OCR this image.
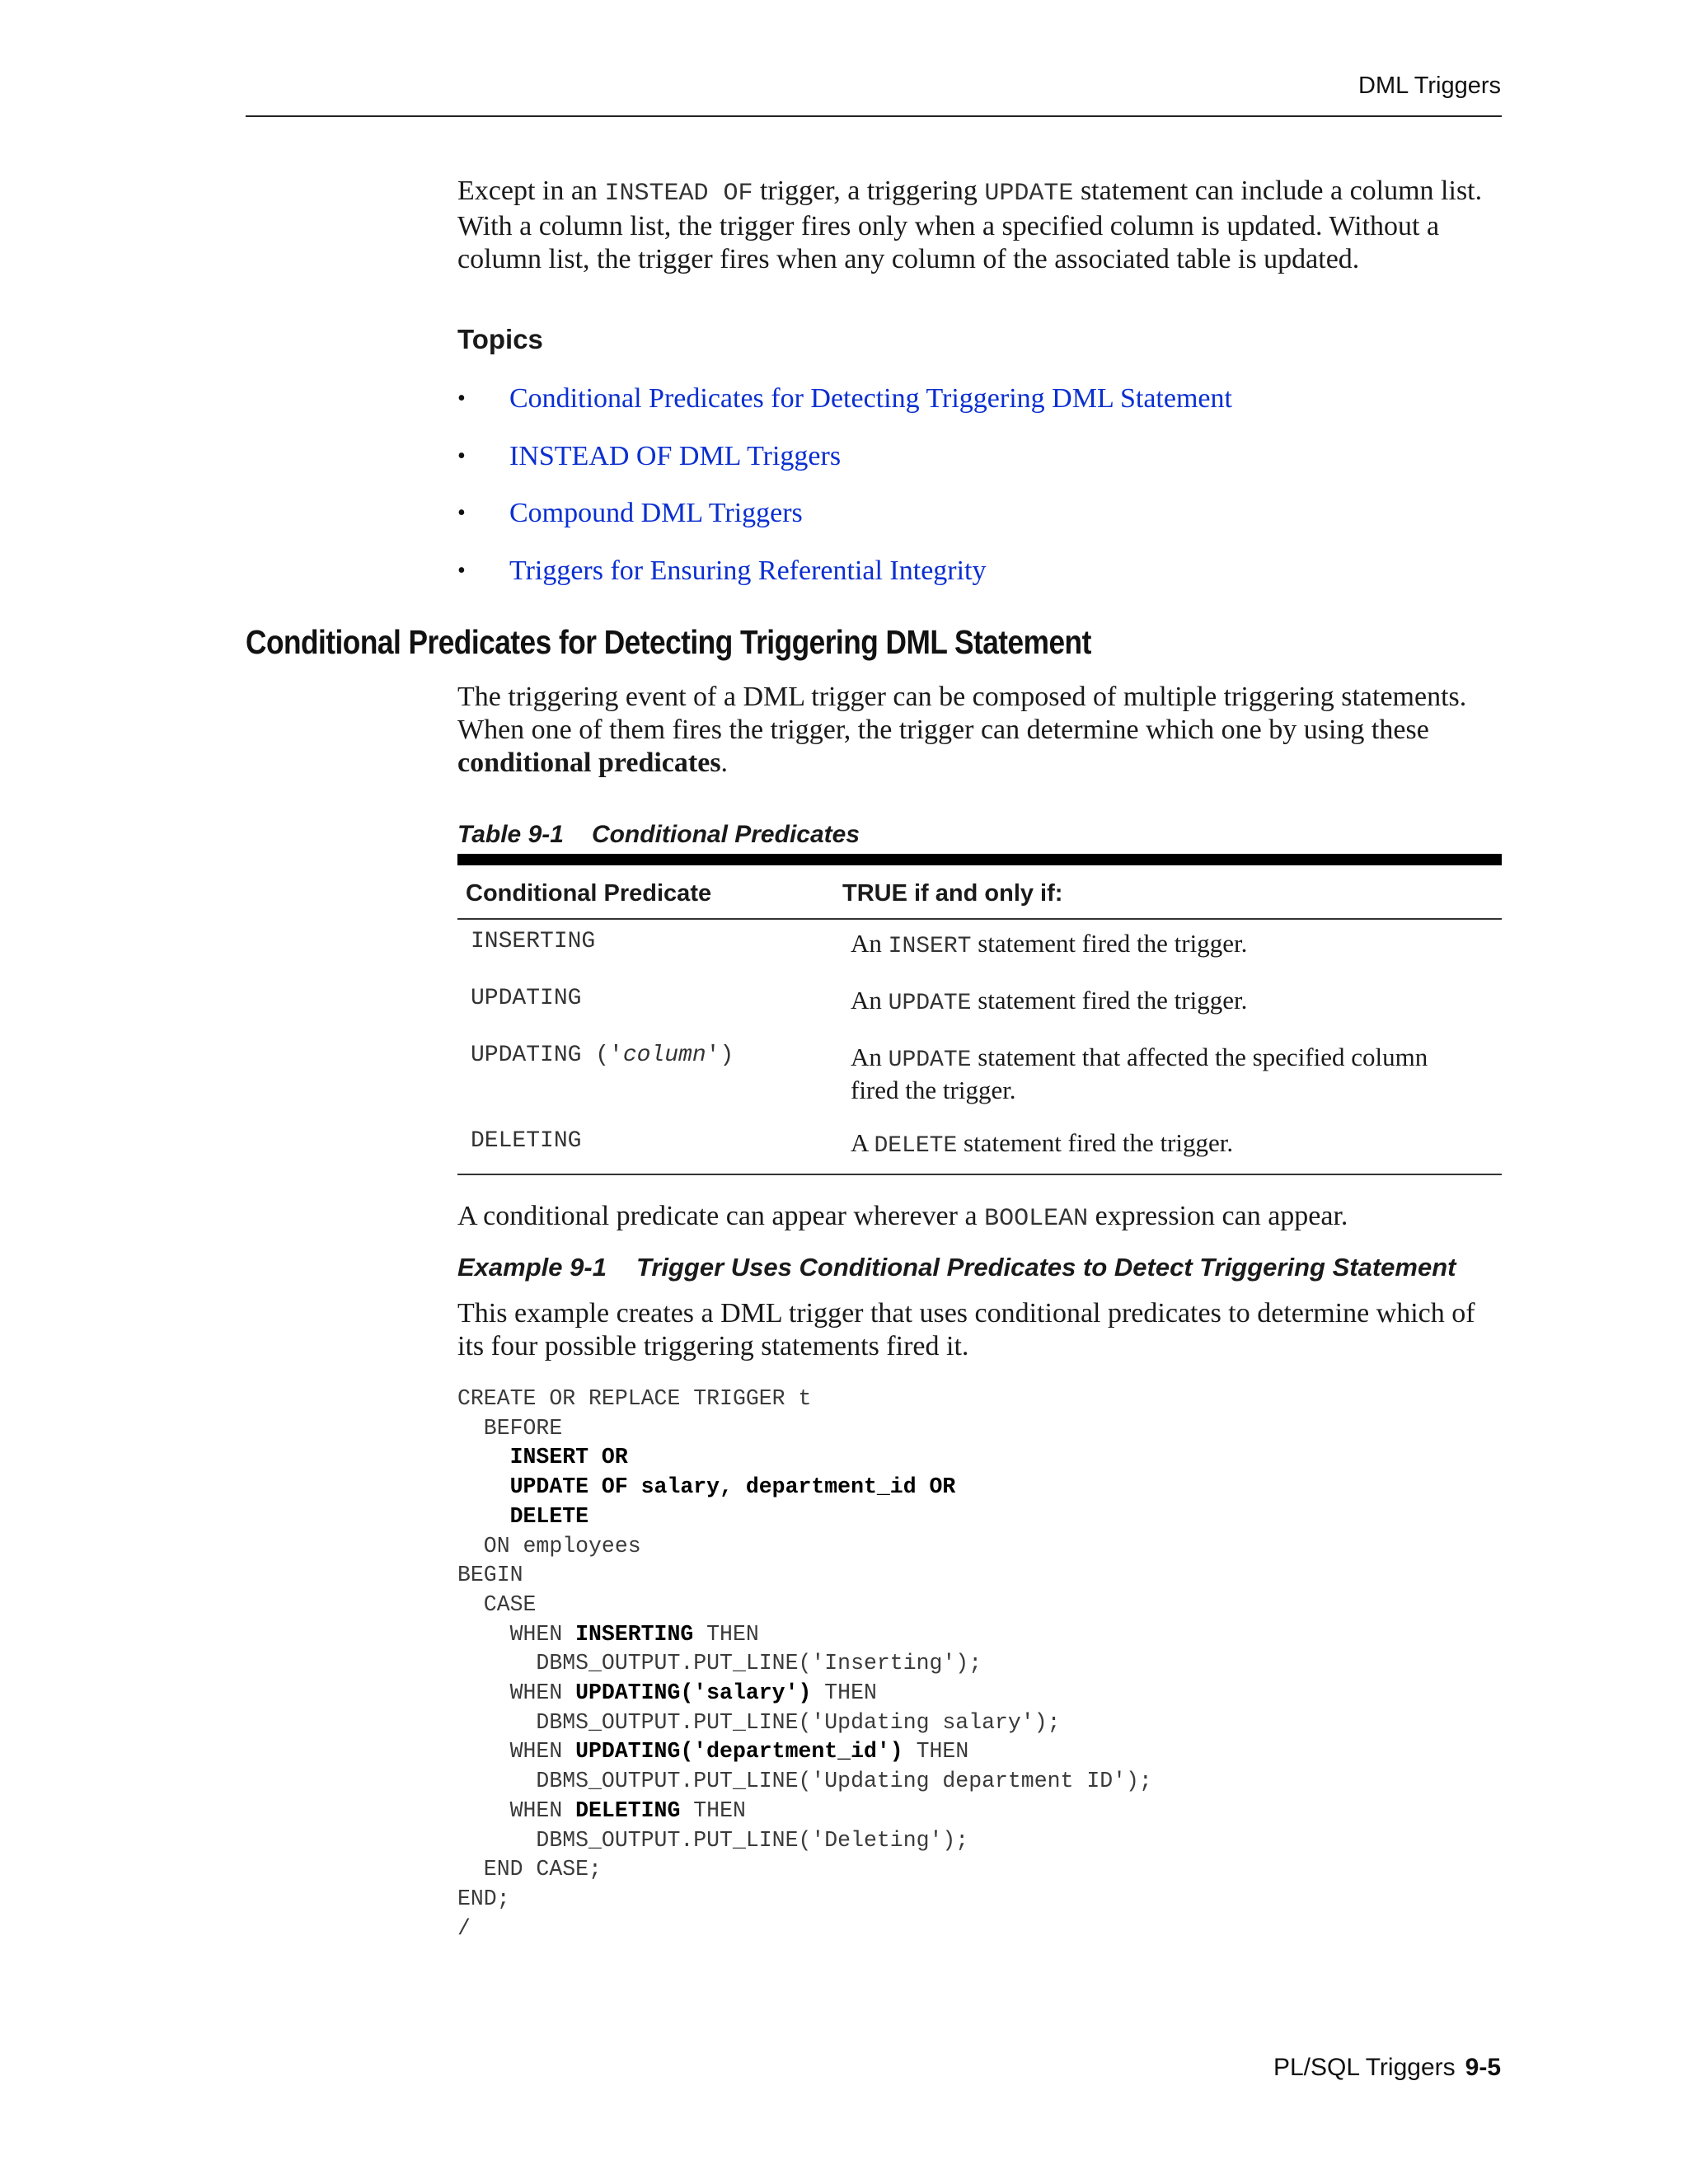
DML Triggers

Except in an INSTEAD OF trigger, a triggering UPDATE statement can include a column list. With a column list, the trigger fires only when a specified column is updated. Without a column list, the trigger fires when any column of the associated table is updated.

Topics
•	Conditional Predicates for Detecting Triggering DML Statement
•	INSTEAD OF DML Triggers
•	Compound DML Triggers
•	Triggers for Ensuring Referential Integrity
Conditional Predicates for Detecting Triggering DML Statement

The triggering event of a DML trigger can be composed of multiple triggering statements. When one of them fires the trigger, the trigger can determine which one by using these conditional predicates.

Table 9-1 Conditional Predicates
Conditional Predicate	TRUE if and only if:
INSERTING	An INSERT statement fired the trigger.
UPDATING	An UPDATE statement fired the trigger.
UPDATING ('column')	An UPDATE statement that affected the specified column fired the trigger.
DELETING	A DELETE statement fired the trigger.

A conditional predicate can appear wherever a BOOLEAN expression can appear.

Example 9-1 Trigger Uses Conditional Predicates to Detect Triggering Statement

This example creates a DML trigger that uses conditional predicates to determine which of its four possible triggering statements fired it.

CREATE OR REPLACE TRIGGER t
BEFORE
INSERT OR
UPDATE OF salary, department_id OR
DELETE
ON employees
BEGIN
CASE
WHEN INSERTING THEN
DBMS_OUTPUT.PUT_LINE('Inserting');
WHEN UPDATING('salary') THEN
DBMS_OUTPUT.PUT_LINE('Updating salary');
WHEN UPDATING('department_id') THEN
DBMS_OUTPUT.PUT_LINE('Updating department ID');
WHEN DELETING THEN
DBMS_OUTPUT.PUT_LINE('Deleting');
END CASE;
END;
/
PL/SQL Triggers 9-5
